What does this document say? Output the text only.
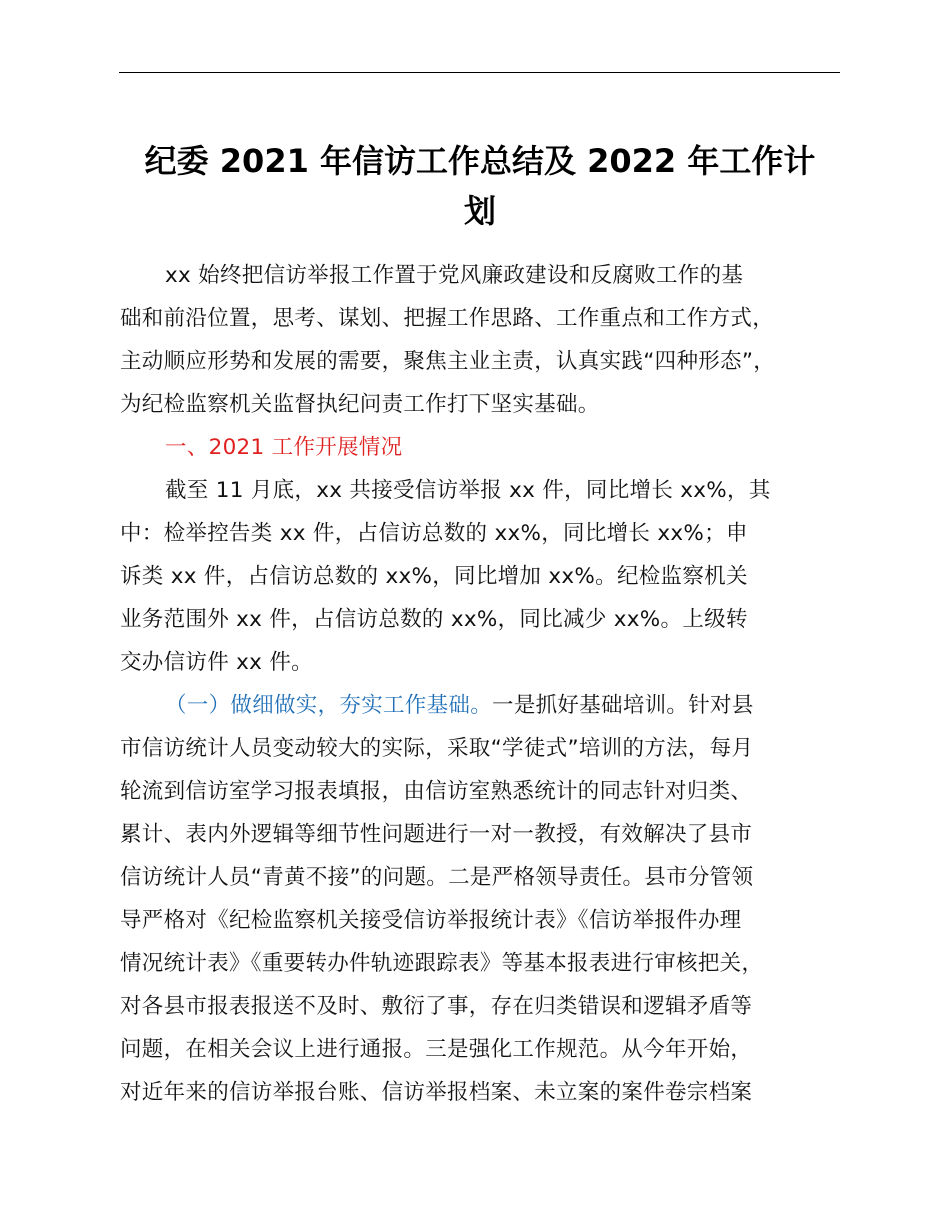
纪委 2021 年信访工作总结及 2022 年工作计
划
xx 始终把信访举报工作置于党风廉政建设和反腐败工作的基
础和前沿位置，思考、谋划、把握工作思路、工作重点和工作方式，
主动顺应形势和发展的需要，聚焦主业主责，认真实践“四种形态”，
为纪检监察机关监督执纪问责工作打下坚实基础。
一、2021 工作开展情况
截至 11 月底，xx 共接受信访举报 xx 件，同比增长 xx%，其
中：检举控告类 xx 件，占信访总数的 xx%，同比增长 xx%；申
诉类 xx 件，占信访总数的 xx%，同比增加 xx%。纪检监察机关
业务范围外 xx 件，占信访总数的 xx%，同比减少 xx%。上级转
交办信访件 xx 件。
（一）做细做实，夯实工作基础。一是抓好基础培训。针对县
市信访统计人员变动较大的实际，采取“学徒式”培训的方法，每月
轮流到信访室学习报表填报，由信访室熟悉统计的同志针对归类、
累计、表内外逻辑等细节性问题进行一对一教授，有效解决了县市
信访统计人员“青黄不接”的问题。二是严格领导责任。县市分管领
导严格对《纪检监察机关接受信访举报统计表》《信访举报件办理
情况统计表》《重要转办件轨迹跟踪表》等基本报表进行审核把关，
对各县市报表报送不及时、敷衍了事，存在归类错误和逻辑矛盾等
问题，在相关会议上进行通报。三是强化工作规范。从今年开始，
对近年来的信访举报台账、信访举报档案、未立案的案件卷宗档案
